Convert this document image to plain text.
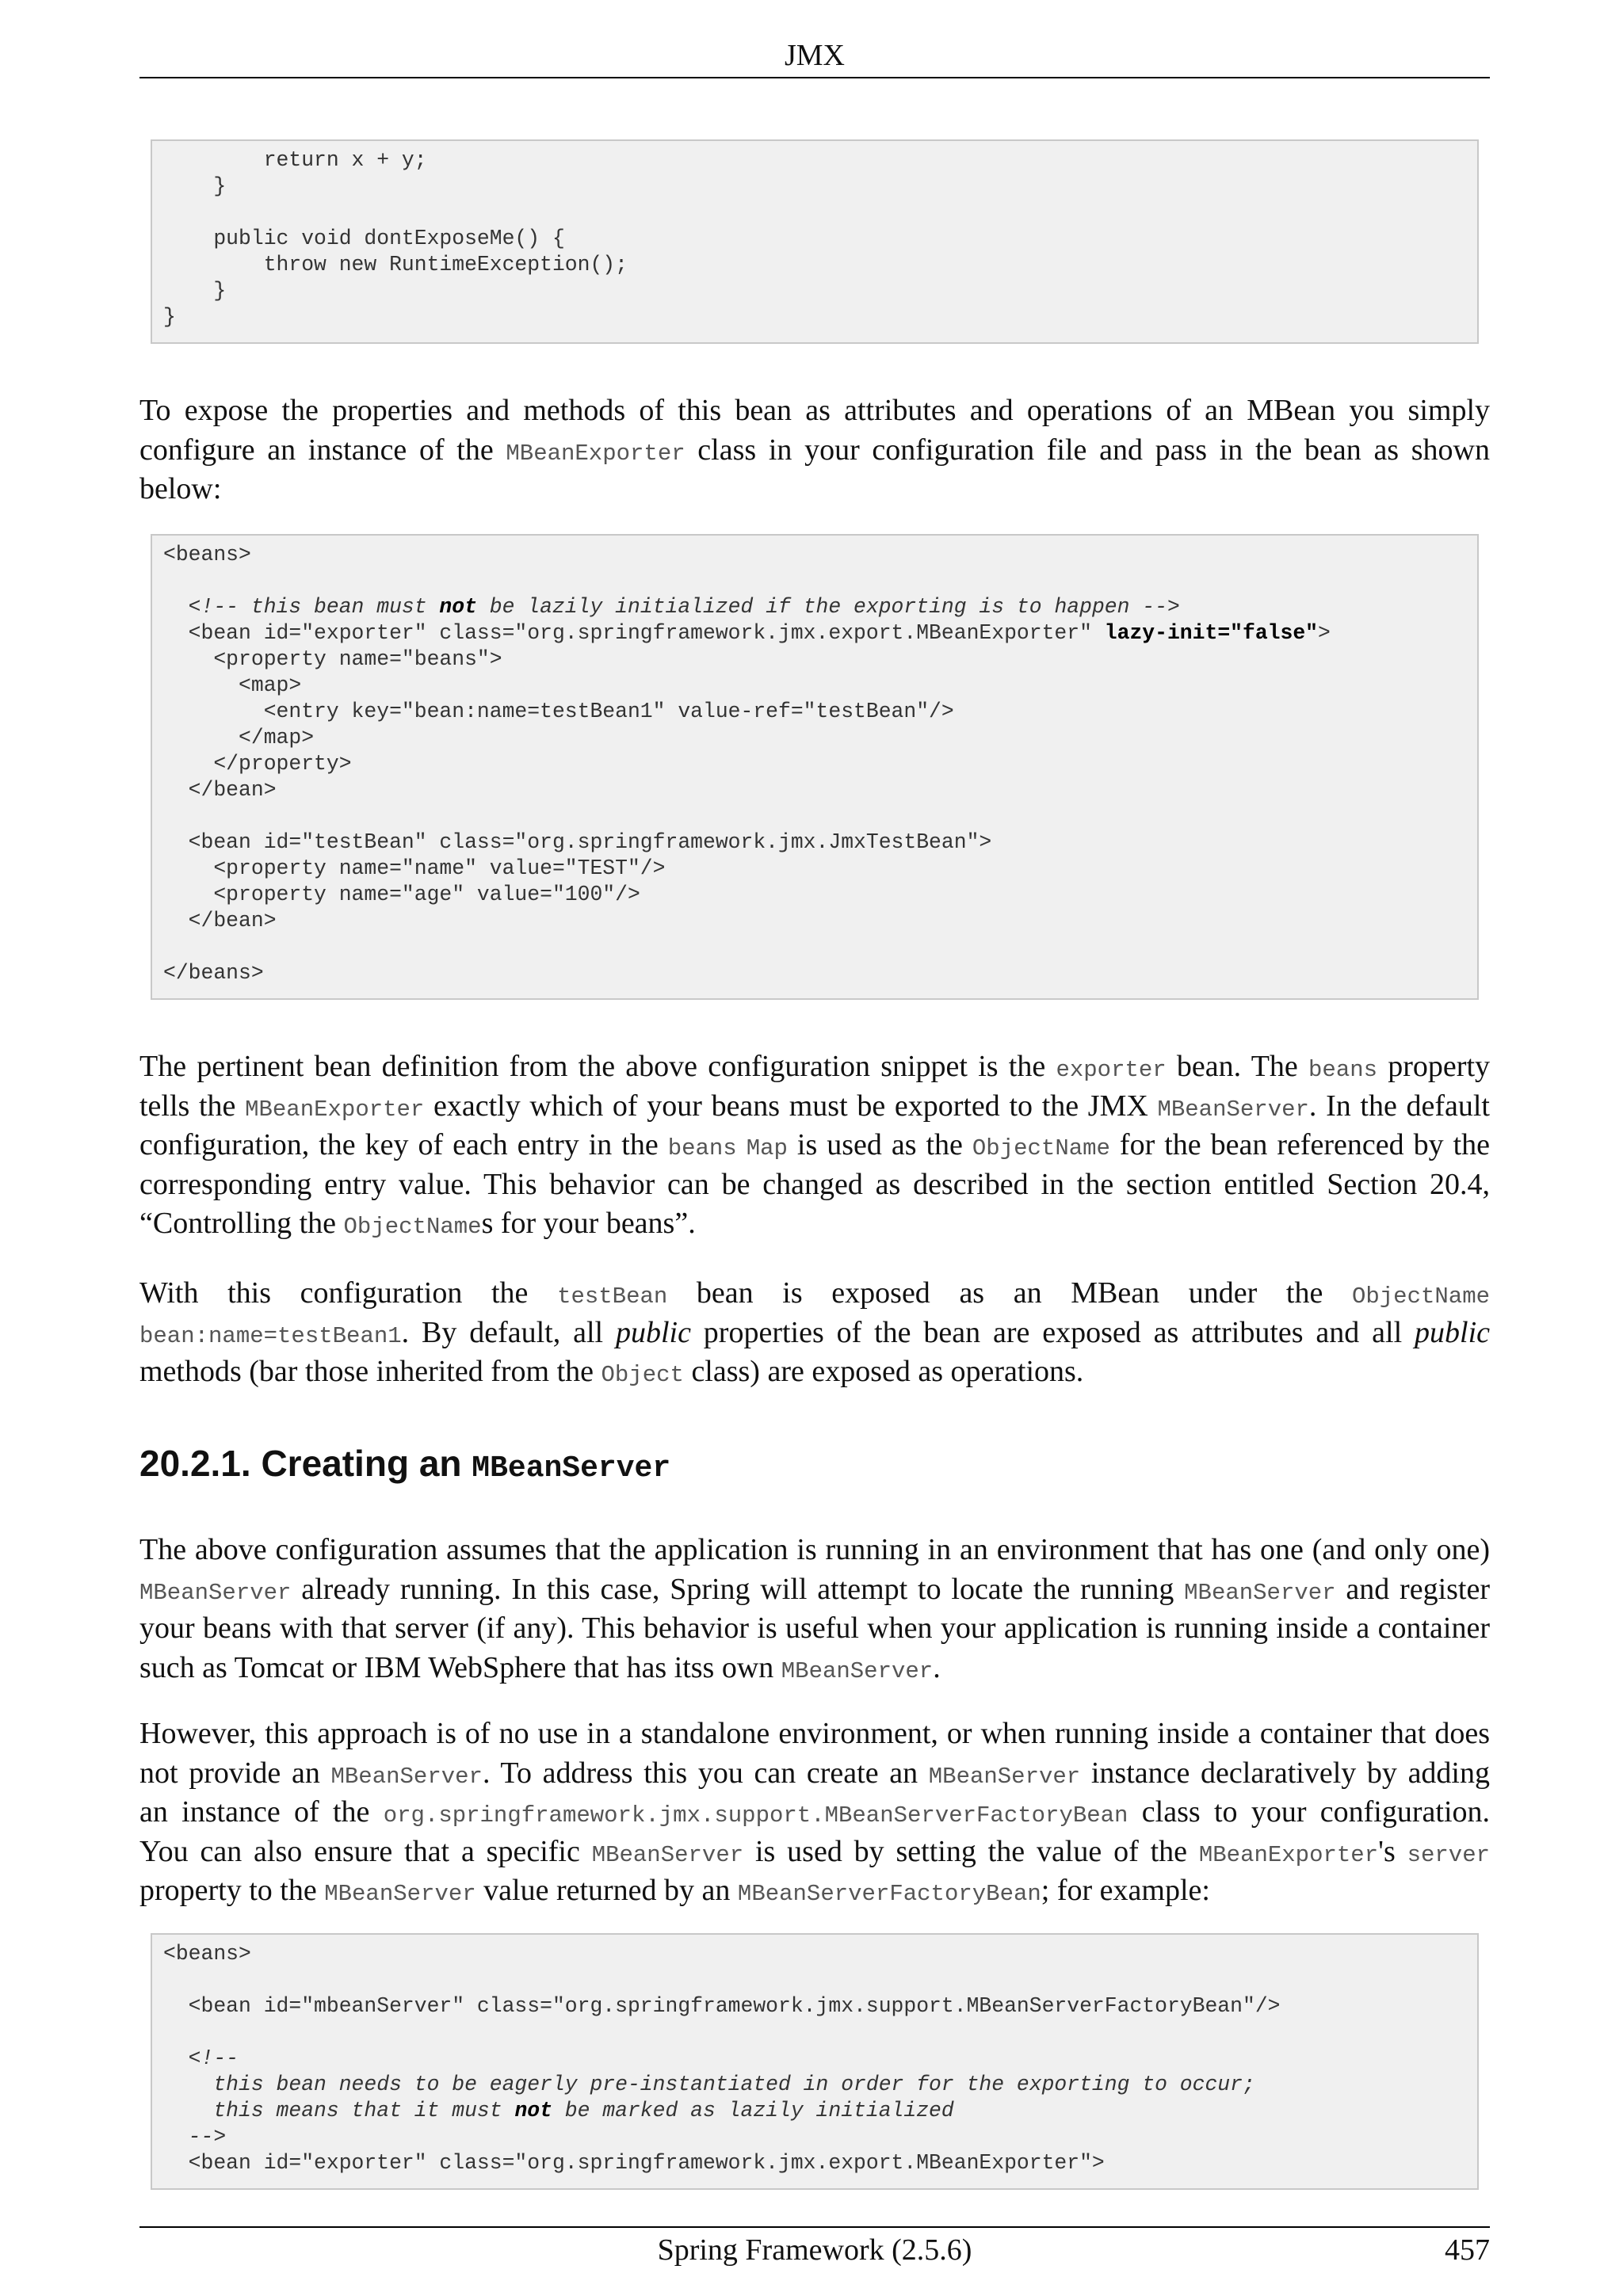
JMX
return x + y;
}
public void dontExposeMe() {
throw new RuntimeException();
}
}
To expose the properties and methods of this bean as attributes and operations of an MBean you simply
configure an instance of the MBeanExporter class in your configuration file and pass in the bean as shown
below:
<beans>
<!-- this bean must not be lazily initialized if the exporting is to happen -->
<bean id="exporter" class="org.springframework.jmx.export.MBeanExporter" lazy-init="false">
<property name="beans">
<map>
<entry key="bean:name=testBean1" value-ref="testBean"/>
</map>
</property>
</bean>
<bean id="testBean" class="org.springframework.jmx.JmxTestBean">
<property name="name" value="TEST"/>
<property name="age" value="100"/>
</bean>
</beans>
The pertinent bean definition from the above configuration snippet is the exporter bean. The beans property
tells the MBeanExporter exactly which of your beans must be exported to the JMX MBeanServer. In the default
configuration, the key of each entry in the beans Map is used as the ObjectName for the bean referenced by the
corresponding entry value. This behavior can be changed as described in the section entitled Section 20.4,
“Controlling the ObjectNames for your beans”.
With this configuration the testBean bean is exposed as an MBean under the ObjectName
bean:name=testBean1. By default, all public properties of the bean are exposed as attributes and all public
methods (bar those inherited from the Object class) are exposed as operations.
20.2.1. Creating an MBeanServer
The above configuration assumes that the application is running in an environment that has one (and only one)
MBeanServer already running. In this case, Spring will attempt to locate the running MBeanServer and register
your beans with that server (if any). This behavior is useful when your application is running inside a container
such as Tomcat or IBM WebSphere that has itss own MBeanServer.
However, this approach is of no use in a standalone environment, or when running inside a container that does
not provide an MBeanServer. To address this you can create an MBeanServer instance declaratively by adding
an instance of the org.springframework.jmx.support.MBeanServerFactoryBean class to your configuration.
You can also ensure that a specific MBeanServer is used by setting the value of the MBeanExporter's server
property to the MBeanServer value returned by an MBeanServerFactoryBean; for example:
<beans>
<bean id="mbeanServer" class="org.springframework.jmx.support.MBeanServerFactoryBean"/>
<!--
this bean needs to be eagerly pre-instantiated in order for the exporting to occur;
this means that it must not be marked as lazily initialized
-->
<bean id="exporter" class="org.springframework.jmx.export.MBeanExporter">
Spring Framework (2.5.6)	457
